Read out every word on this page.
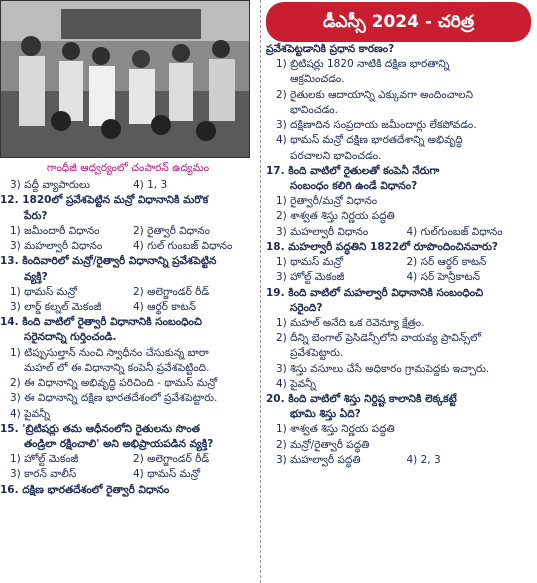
గాంధీజీ ఆధ్వర్యంలో చంపారన్ ఉద్యమం
3) పద్దీ వ్యాపారులు	4) 1, 3
12. 1820లో ప్రవేశపెట్టిన మన్రో విధానానికి మరొక
పేరు?
1) జమీందారీ విధానం	2) రైత్వారీ విధానం
3) మహల్వారీ విధానం	4) గుల్ గుంబజ్ విధానం
13. కిందివారిలో మన్రో/రైత్వారీ విధానాన్ని ప్రవేశపెట్టిన
వ్యక్తి?
1) థామస్ మన్రో	2) అలెగ్జాండర్ రీడ్
3) లార్డ్ కల్నల్ మెకంజీ	4) ఆర్థర్ కాటన్
14. కింది వాటిలో రైత్వారీ విధానానికి సంబంధించి
సరైనదాన్ని గుర్తించండి.
1) టిప్పుసుల్తాన్ నుంచి స్వాధీనం చేసుకున్న బారా
మహల్ లో ఈ విధానాన్ని కంపెనీ ప్రవేశపెట్టింది.
2) ఈ విధానాన్ని అభివృద్ధి పరిచింది - థామస్ మన్రో
3) ఈ విధానాన్ని దక్షిణ భారతదేశంలో ప్రవేశపెట్టారు.
4) పైవన్నీ
15. 'బ్రిటిషర్లు తమ ఆధీనంలోని రైతులను సొంత
తండ్రిలా రక్షించాలి' అని అభిప్రాయపడిన వ్యక్తి?
1) హోల్ట్ మెకంజీ	2) అలెగ్జాండర్ రీడ్
3) కారన్ వాలీస్	4) థామస్ మన్రో
16. దక్షిణ భారతదేశంలో రైత్వారీ విధానం
డీఎస్సీ 2024 - చరిత్ర
ప్రవేశపెట్టడానికి ప్రధాన కారణం?
1) బ్రిటిషర్లు 1820 నాటికి దక్షిణ భారతాన్ని
ఆక్రమించడం.
2) రైతులకు ఆదాయాన్ని ఎక్కువగా అందించాలని
భావించడం.
3) దక్షిణాదిన సంప్రదాయ జమీందార్లు లేకపోవడం.
4) థామస్ మన్రో దక్షిణ భారతదేశాన్ని అభివృద్ధి
పరచాలని భావించడం.
17. కింది వాటిలో రైతులతో కంపెనీ నేరుగా
సంబంధం కలిగి ఉండే విధానం?
1) రైత్వారీ/మన్రో విధానం
2) శాశ్వత శిస్తు నిర్ణయ పద్ధతి
3) మహల్వారీ విధానం	4) గుల్‌గుంబజ్ విధానం
18. మహల్వారీ పద్ధతిని 1822లో రూపొందించినవారు?
1) థామస్ మన్రో	2) సర్ ఆర్థర్ కాటన్
3) హోల్ట్ మెకంజీ	4) సర్ హెన్రీకాటన్
19. కింది వాటిలో మహల్వారీ విధానానికి సంబంధించి
సరైంది?
1) మహల్ అనేది ఒక రెవెన్యూ క్షేత్రం.
2) దీన్ని బెంగాల్ ప్రెసిడెన్సీలోని వాయవ్య ప్రావిన్స్‌లో
ప్రవేశపెట్టారు.
3) శిస్తు వసూలు చేసే అధికారం గ్రామపెద్దకు ఇచ్చారు.
4) పైవన్నీ
20. కింది వాటిలో శిస్తు నిర్దిష్ట కాలానికి లెక్కకట్టే
భూమి శిస్తు ఏది?
1) శాశ్వత శిస్తు నిర్ణయ పద్ధతి
2) మన్రో/రైత్వారీ పద్ధతి
3) మహల్వారీ పద్ధతి	4) 2, 3
